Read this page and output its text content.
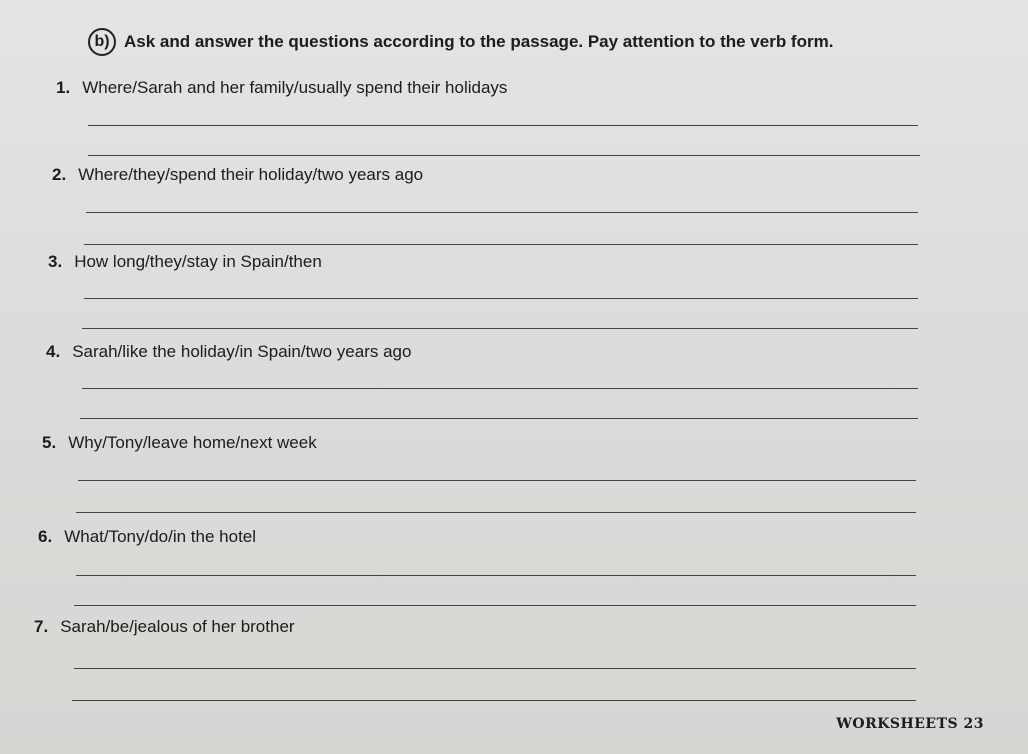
b) Ask and answer the questions according to the passage. Pay attention to the verb form.
1. Where/Sarah and her family/usually spend their holidays
2. Where/they/spend their holiday/two years ago
3. How long/they/stay in Spain/then
4. Sarah/like the holiday/in Spain/two years ago
5. Why/Tony/leave home/next week
6. What/Tony/do/in the hotel
7. Sarah/be/jealous of her brother
WORKSHEETS 23
